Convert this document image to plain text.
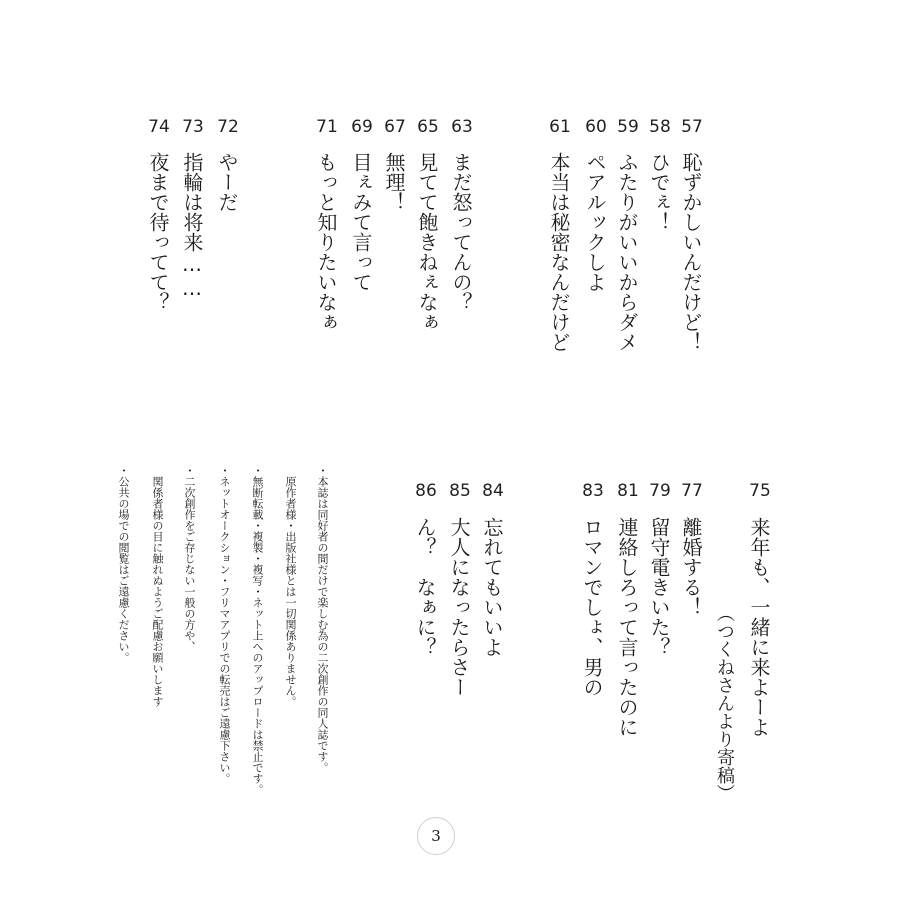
57
恥ずかしいんだけど！
58
ひでぇ！
59
ふたりがいいからダメ
60
ペアルックしよ
61
本当は秘密なんだけど
63
まだ怒ってんの？
65
見てて飽きねぇなぁ
67
無理！
69
目ぇみて言って
71
もっと知りたいなぁ
72
やーだ
73
指輪は将来……
74
夜まで待ってて？
75
来年も、一緒に来よーよ
（つくねさんより寄稿）
77
離婚する！
79
留守電きいた？
81
連絡しろって言ったのに
83
ロマンでしょ、男の
84
忘れてもいいよ
85
大人になったらさー
86
ん？　なぁに？
・本誌は同好者の間だけで楽しむ為の二次創作の同人誌です。
原作者様・出版社様とは一切関係ありません。
・無断転載・複製・複写・ネット上へのアップロードは禁止です。
・ネットオークション・フリマアプリでの転売はご遠慮下さい。
・二次創作をご存じない一般の方や、
関係者様の目に触れぬようご配慮お願いします
・公共の場での閲覧はご遠慮ください。
3
